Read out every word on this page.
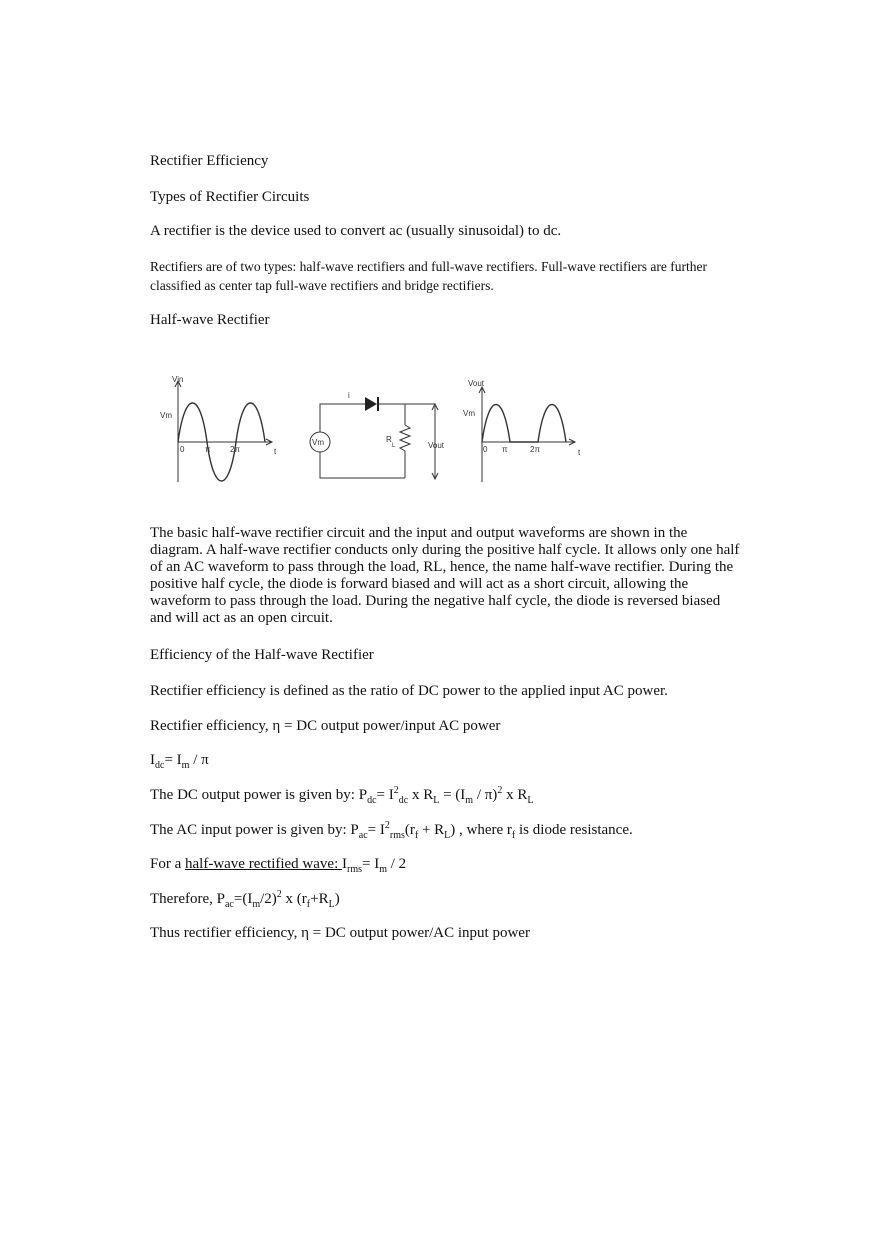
Rectifier Efficiency
Types of Rectifier Circuits
A rectifier is the device used to convert ac (usually sinusoidal) to dc.
Rectifiers are of two types: half-wave rectifiers and full-wave rectifiers. Full-wave rectifiers are further classified as center tap full-wave rectifiers and bridge rectifiers.
Half-wave Rectifier
Vin
Vm
0	π 2π	t
Vm	R
L
i
Vout
Vout
Vm
0 π	2π	t
The basic half-wave rectifier circuit and the input and output waveforms are shown in the diagram. A half-wave rectifier conducts only during the positive half cycle. It allows only one half of an AC waveform to pass through the load, RL, hence, the name half-wave rectifier. During the positive half cycle, the diode is forward biased and will act as a short circuit, allowing the waveform to pass through the load. During the negative half cycle, the diode is reversed biased and will act as an open circuit.
Efficiency of the Half-wave Rectifier
Rectifier efficiency is defined as the ratio of DC power to the applied input AC power.
Rectifier efficiency, η = DC output power/input AC power
$I_{dc}= I_m / \pi$
The DC output power is given by: $P_{dc}= I^2_{dc}$ x $R_L = (I_m / \pi)^2$ x $R_L$
The AC input power is given by: $P_{ac}= I^2_{rms}(r_f + R_L)$ , where $r_f$ is diode resistance.
For a half-wave rectified wave: $I_{rms}= I_m / 2$
Therefore, $P_{ac}=(I_m/2)^2$ x $(r_f+R_L)$
Thus rectifier efficiency, η = DC output power/AC input power
